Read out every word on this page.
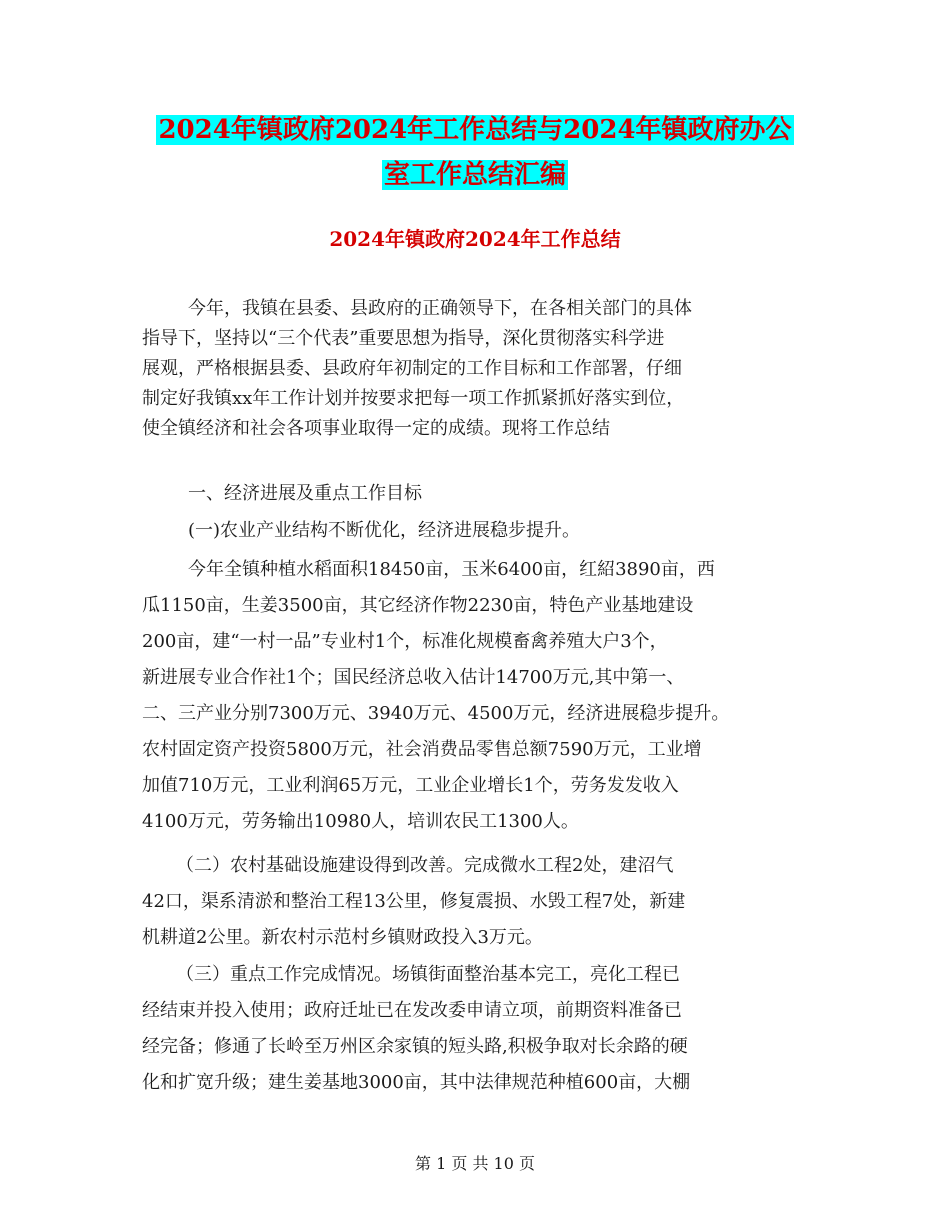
2024年镇政府2024年工作总结与2024年镇政府办公
室工作总结汇编
2024年镇政府2024年工作总结
今年，我镇在县委、县政府的正确领导下，在各相关部门的具体
指导下，坚持以“三个代表”重要思想为指导，深化贯彻落实科学进
展观，严格根据县委、县政府年初制定的工作目标和工作部署，仔细
制定好我镇xx年工作计划并按要求把每一项工作抓紧抓好落实到位，
使全镇经济和社会各项事业取得一定的成绩。现将工作总结
一、经济进展及重点工作目标
(一)农业产业结构不断优化，经济进展稳步提升。
今年全镇种植水稻面积18450亩，玉米6400亩，红紹3890亩，西
瓜1150亩，生姜3500亩，其它经济作物2230亩，特色产业基地建设
200亩，建“一村一品”专业村1个，标准化规模畜禽养殖大户3个，
新进展专业合作社1个；国民经济总收入估计14700万元,其中第一、
二、三产业分别7300万元、3940万元、4500万元，经济进展稳步提升。
农村固定资产投资5800万元，社会消费品零售总额7590万元，工业增
加值710万元，工业利润65万元，工业企业增长1个，劳务发发收入
4100万元，劳务输出10980人，培训农民工1300人。
（二）农村基础设施建设得到改善。完成微水工程2处，建沼气
42口，渠系清淤和整治工程13公里，修复震损、水毁工程7处，新建
机耕道2公里。新农村示范村乡镇财政投入3万元。
（三）重点工作完成情况。场镇街面整治基本完工，亮化工程已
经结束并投入使用；政府迁址已在发改委申请立项，前期资料准备已
经完备；修通了长岭至万州区余家镇的短头路,积极争取对长余路的硬
化和扩宽升级；建生姜基地3000亩，其中法律规范种植600亩，大棚
第 1 页 共 10 页
